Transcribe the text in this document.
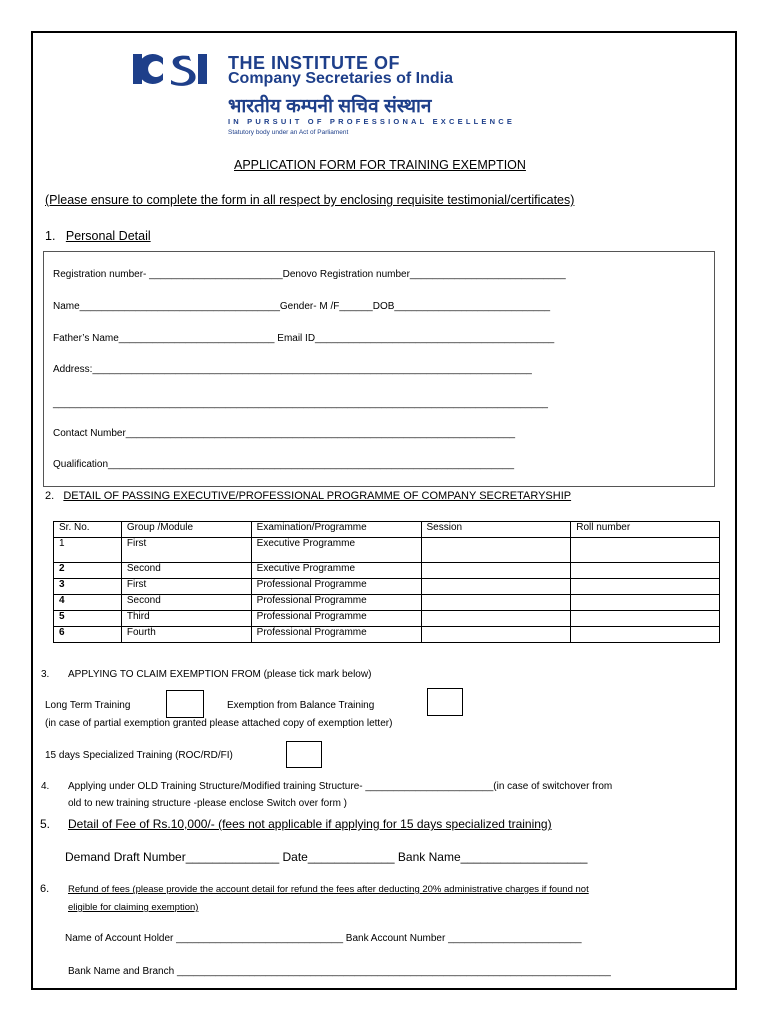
THE INSTITUTE OF
Company Secretaries of India
भारतीय कम्पनी सचिव संस्थान
IN PURSUIT OF PROFESSIONAL EXCELLENCE
Statutory body under an Act of Parliament
APPLICATION FORM FOR TRAINING EXEMPTION
(Please ensure to complete the form in all respect by enclosing requisite testimonial/certificates)
1. Personal Detail
Registration number- ________________________Denovo Registration number____________________________
Name____________________________________Gender- M /F______DOB____________________________
Father’s Name____________________________ Email ID___________________________________________
Address:_______________________________________________________________________________
_________________________________________________________________________________________
Contact Number______________________________________________________________________
Qualification_________________________________________________________________________
2. DETAIL OF PASSING EXECUTIVE/PROFESSIONAL PROGRAMME OF COMPANY SECRETARYSHIP
Sr. No.	Group /Module	Examination/Programme	Session	Roll number
1	First	Executive Programme		
2	Second	Executive Programme		
3	First	Professional Programme		
4	Second	Professional Programme		
5	Third	Professional Programme		
6	Fourth	Professional Programme		
3. APPLYING TO CLAIM EXEMPTION FROM (please tick mark below)
Long Term Training	Exemption from Balance Training
(in case of partial exemption granted please attached copy of exemption letter)
15 days Specialized Training (ROC/RD/FI)
4. Applying under OLD Training Structure/Modified training Structure- _______________________(in case of switchover from
old to new training structure -please enclose Switch over form )
5. Detail of Fee of Rs.10,000/- (fees not applicable if applying for 15 days specialized training)
Demand Draft Number______________ Date_____________ Bank Name___________________
6. Refund of fees (please provide the account detail for refund the fees after deducting 20% administrative charges if found not
eligible for claiming exemption)
Name of Account Holder ______________________________ Bank Account Number ________________________
Bank Name and Branch ______________________________________________________________________________
